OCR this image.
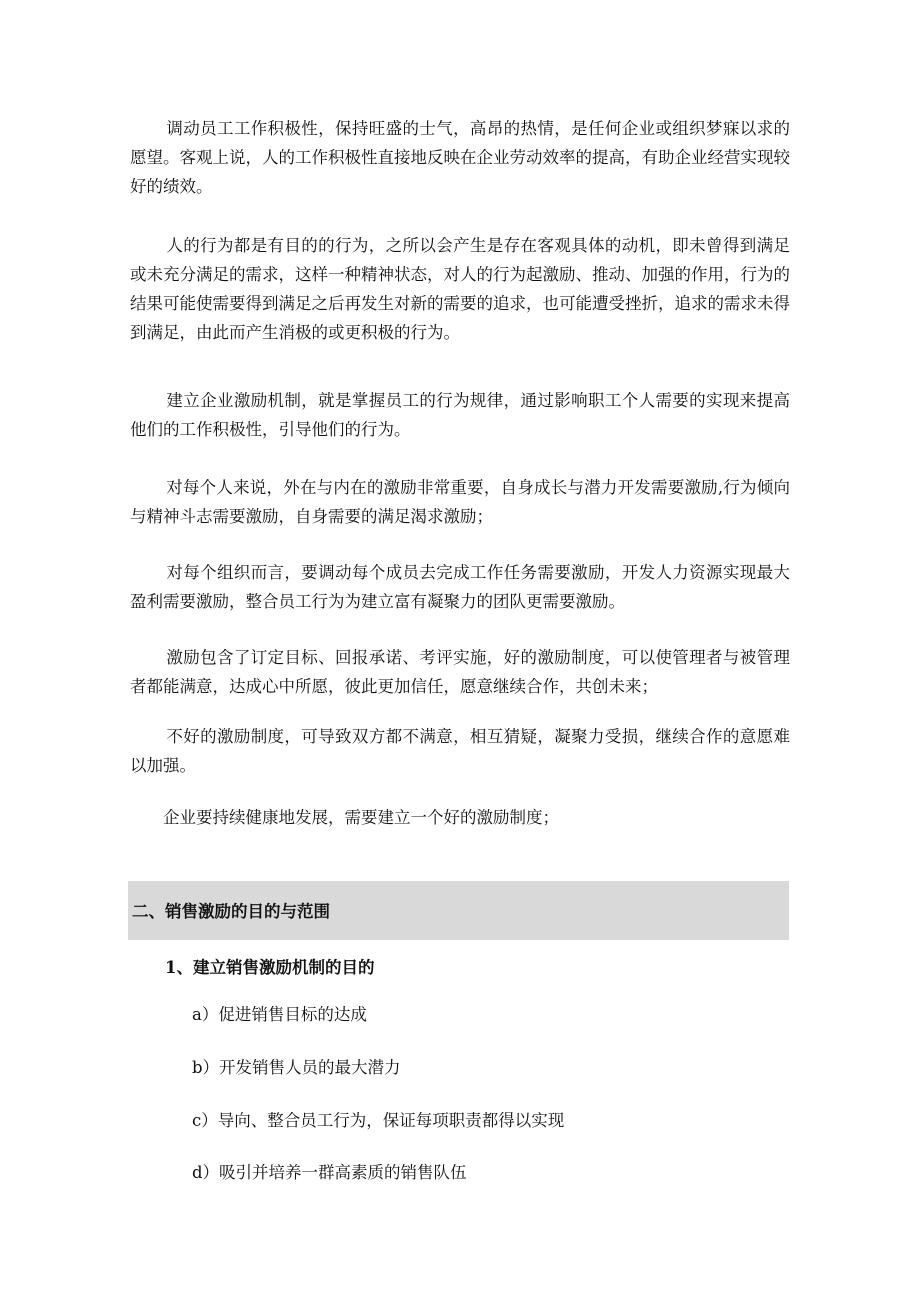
调动员工工作积极性，保持旺盛的士气，高昂的热情，是任何企业或组织梦寐以求的愿望。客观上说，人的工作积极性直接地反映在企业劳动效率的提高，有助企业经营实现较好的绩效。

人的行为都是有目的的行为，之所以会产生是存在客观具体的动机，即未曾得到满足或未充分满足的需求，这样一种精神状态，对人的行为起激励、推动、加强的作用，行为的结果可能使需要得到满足之后再发生对新的需要的追求，也可能遭受挫折，追求的需求未得到满足，由此而产生消极的或更积极的行为。

建立企业激励机制，就是掌握员工的行为规律，通过影响职工个人需要的实现来提高他们的工作积极性，引导他们的行为。

对每个人来说，外在与内在的激励非常重要，自身成长与潜力开发需要激励,行为倾向与精神斗志需要激励，自身需要的满足渴求激励；

对每个组织而言，要调动每个成员去完成工作任务需要激励，开发人力资源实现最大盈利需要激励，整合员工行为为建立富有凝聚力的团队更需要激励。

激励包含了订定目标、回报承诺、考评实施，好的激励制度，可以使管理者与被管理者都能满意，达成心中所愿，彼此更加信任，愿意继续合作，共创未来；

不好的激励制度，可导致双方都不满意，相互猜疑，凝聚力受损，继续合作的意愿难以加强。

企业要持续健康地发展，需要建立一个好的激励制度；

二、销售激励的目的与范围
1、建立销售激励机制的目的
a）促进销售目标的达成
b）开发销售人员的最大潜力
c）导向、整合员工行为，保证每项职责都得以实现
d）吸引并培养一群高素质的销售队伍
